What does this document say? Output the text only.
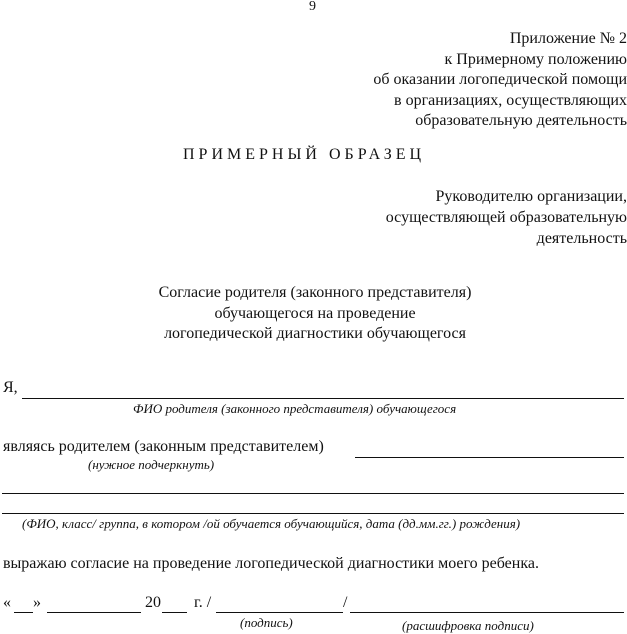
9
Приложение № 2
к Примерному положению
об оказании логопедической помощи
в организациях, осуществляющих
образовательную деятельность
ПРИМЕРНЫЙ ОБРАЗЕЦ
Руководителю организации,
осуществляющей образовательную
деятельность
Согласие родителя (законного представителя)
обучающегося на проведение
логопедической диагностики обучающегося
Я,
ФИО родителя (законного представителя) обучающегося
являясь родителем (законным представителем)
(нужное подчеркнуть)
(ФИО, класс/ группа, в котором /ой обучается обучающийся, дата (дд.мм.гг.) рождения)
выражаю согласие на проведение логопедической диагностики моего ребенка.
« »	20 г. /	/
(подпись)	(расшифровка подписи)
